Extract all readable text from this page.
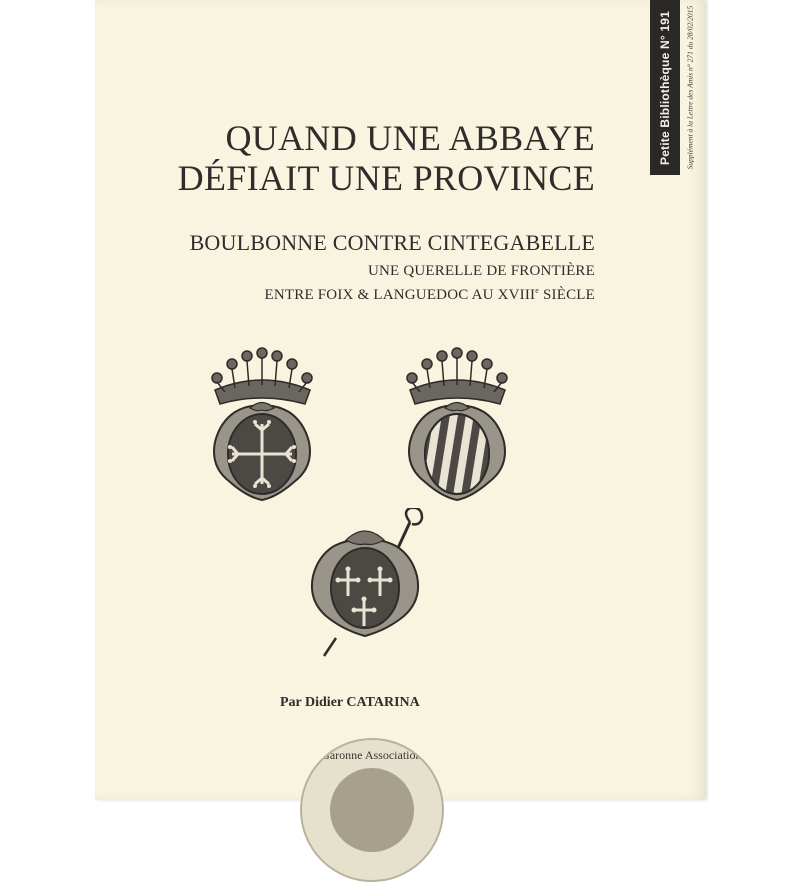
Petite Bibliothèque N° 191 Supplément à la Lettre des Amis n° 271 du 28/02/2015
QUAND UNE ABBAYE
DÉFIAIT UNE PROVINCE
BOULBONNE CONTRE CINTEGABELLE
UNE QUERELLE DE FRONTIÈRE
ENTRE FOIX & LANGUEDOC AU XVIIIe SIÈCLE
Par Didier CATARINA
ute Garonne Association des
